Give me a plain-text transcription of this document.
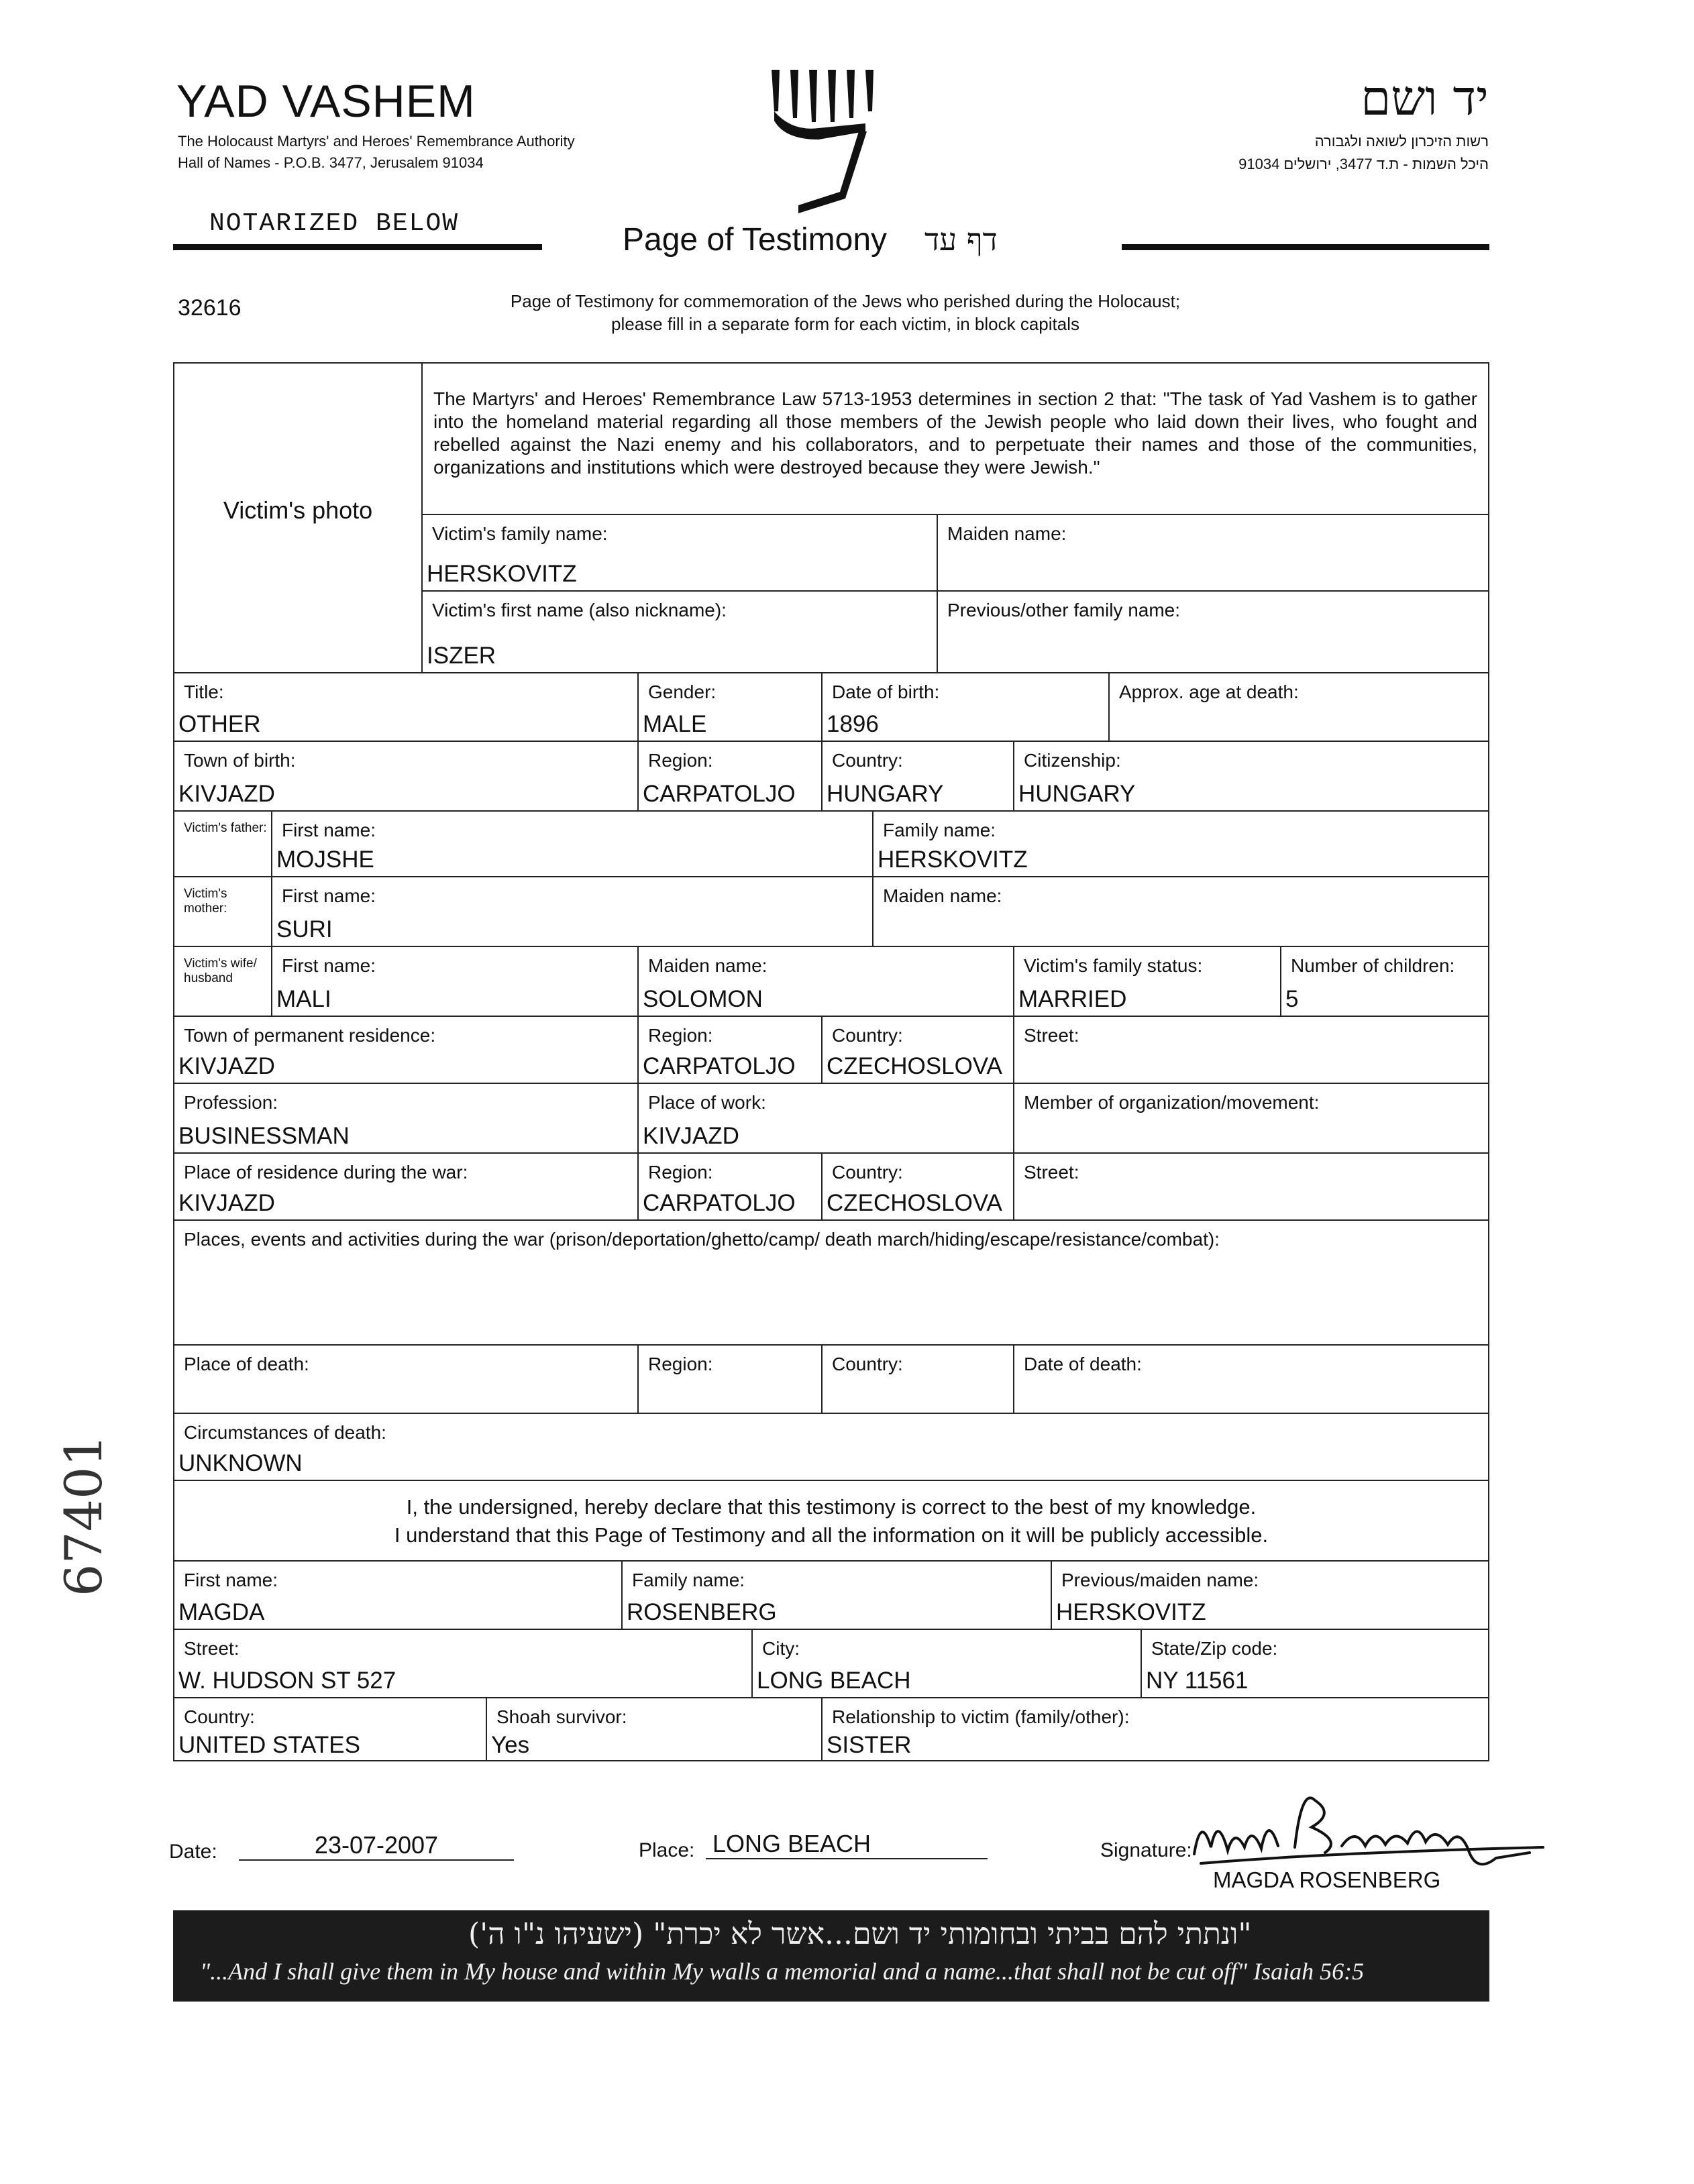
YAD VASHEM
The Holocaust Martyrs' and Heroes' Remembrance Authority
Hall of Names - P.O.B. 3477, Jerusalem 91034
יד ושם
רשות הזיכרון לשואה ולגבורה
היכל השמות - ת.ד 3477, ירושלים 91034
NOTARIZED BELOW	Page of Testimony דף עד
32616	Page of Testimony for commemoration of the Jews who perished during the Holocaust;
please fill in a separate form for each victim, in block capitals
Victim's photo
The Martyrs' and Heroes' Remembrance Law 5713-1953 determines in section 2 that: "The task of Yad Vashem is to gather into the homeland material regarding all those members of the Jewish people who laid down their lives, who fought and rebelled against the Nazi enemy and his collaborators, and to perpetuate their names and those of the communities, organizations and institutions which were destroyed because they were Jewish."
Victim's family name:
HERSKOVITZ
Maiden name:
Victim's first name (also nickname):
ISZER
Previous/other family name:
Title:
OTHER
Gender:
MALE
Date of birth:
1896
Approx. age at death:
Town of birth:
KIVJAZD
Region:
CARPATOLJO
Country:
HUNGARY
Citizenship:
HUNGARY
Victim's father: First name:
MOJSHE
Family name:
HERSKOVITZ
Victim's mother:
First name:
SURI
Maiden name:
Victim's wife/ husband
First name:
MALI
Maiden name:
SOLOMON
Victim's family status:
MARRIED
Number of children:
5
Town of permanent residence:
KIVJAZD
Region:
CARPATOLJO
Country:
CZECHOSLOVA
Street:
Profession:
BUSINESSMAN
Place of work:
KIVJAZD
Member of organization/movement:
Place of residence during the war:
KIVJAZD
Region:
CARPATOLJO
Country:
CZECHOSLOVA
Street:
Places, events and activities during the war (prison/deportation/ghetto/camp/ death march/hiding/escape/resistance/combat):
Place of death:	Region:	Country:	Date of death:
Circumstances of death:
UNKNOWN
I, the undersigned, hereby declare that this testimony is correct to the best of my knowledge.
I understand that this Page of Testimony and all the information on it will be publicly accessible.
First name:
MAGDA
Family name:
ROSENBERG
Previous/maiden name:
HERSKOVITZ
Street:
W. HUDSON ST 527
City:
LONG BEACH
State/Zip code:
NY 11561
Country:
UNITED STATES
Shoah survivor:
Yes
Relationship to victim (family/other):
SISTER
Date:	23-07-2007	Place: LONG BEACH	Signature:
Magda Rosenberg
MAGDA ROSENBERG
"ונתתי להם בביתי ובחומותי יד ושם...אשר לא יכרת" (ישעיהו נ"ו ה')
"...And I shall give them in My house and within My walls a memorial and a name...that shall not be cut off" Isaiah 56:5
67401
